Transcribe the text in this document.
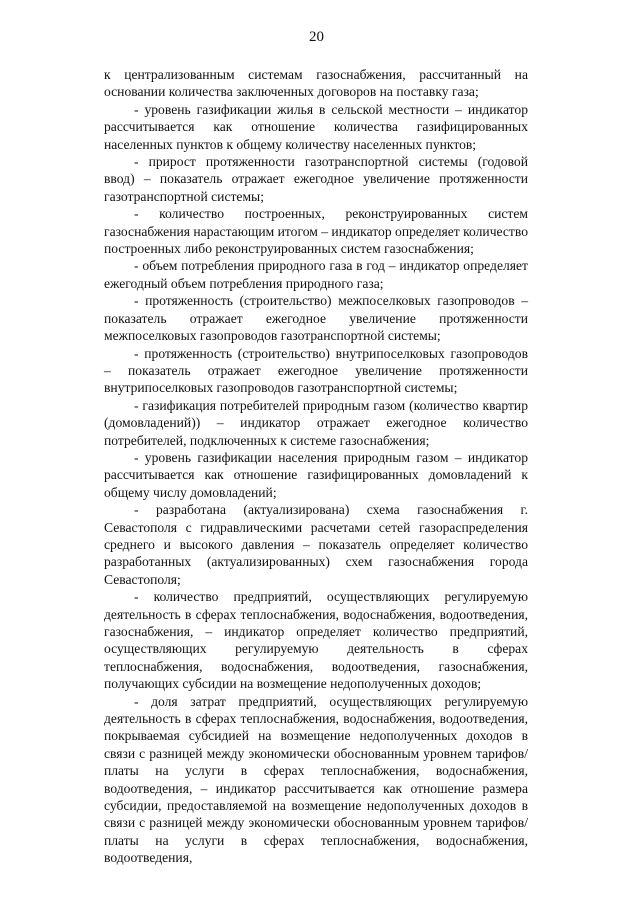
20

к централизованным системам газоснабжения, рассчитанный на основании количества заключенных договоров на поставку газа;

- уровень газификации жилья в сельской местности – индикатор рассчитывается как отношение количества газифицированных населенных пунктов к общему количеству населенных пунктов;

- прирост протяженности газотранспортной системы (годовой ввод) – показатель отражает ежегодное увеличение протяженности газотранспортной системы;

- количество построенных, реконструированных систем газоснабжения нарастающим итогом – индикатор определяет количество построенных либо реконструированных систем газоснабжения;

- объем потребления природного газа в год – индикатор определяет ежегодный объем потребления природного газа;

- протяженность (строительство) межпоселковых газопроводов – показатель отражает ежегодное увеличение протяженности межпоселковых газопроводов газотранспортной системы;

- протяженность (строительство) внутрипоселковых газопроводов – показатель отражает ежегодное увеличение протяженности внутрипоселковых газопроводов газотранспортной системы;

- газификация потребителей природным газом (количество квартир (домовладений)) – индикатор отражает ежегодное количество потребителей, подключенных к системе газоснабжения;

- уровень газификации населения природным газом – индикатор рассчитывается как отношение газифицированных домовладений к общему числу домовладений;

- разработана (актуализирована) схема газоснабжения г. Севастополя с гидравлическими расчетами сетей газораспределения среднего и высокого давления – показатель определяет количество разработанных (актуализированных) схем газоснабжения города Севастополя;

- количество предприятий, осуществляющих регулируемую деятельность в сферах теплоснабжения, водоснабжения, водоотведения, газоснабжения, – индикатор определяет количество предприятий, осуществляющих регулируемую деятельность в сферах теплоснабжения, водоснабжения, водоотведения, газоснабжения, получающих субсидии на возмещение недополученных доходов;

- доля затрат предприятий, осуществляющих регулируемую деятельность в сферах теплоснабжения, водоснабжения, водоотведения, покрываемая субсидией на возмещение недополученных доходов в связи с разницей между экономически обоснованным уровнем тарифов/платы на услуги в сферах теплоснабжения, водоснабжения, водоотведения, – индикатор рассчитывается как отношение размера субсидии, предоставляемой на возмещение недополученных доходов в связи с разницей между экономически обоснованным уровнем тарифов/платы на услуги в сферах теплоснабжения, водоснабжения, водоотведения,
